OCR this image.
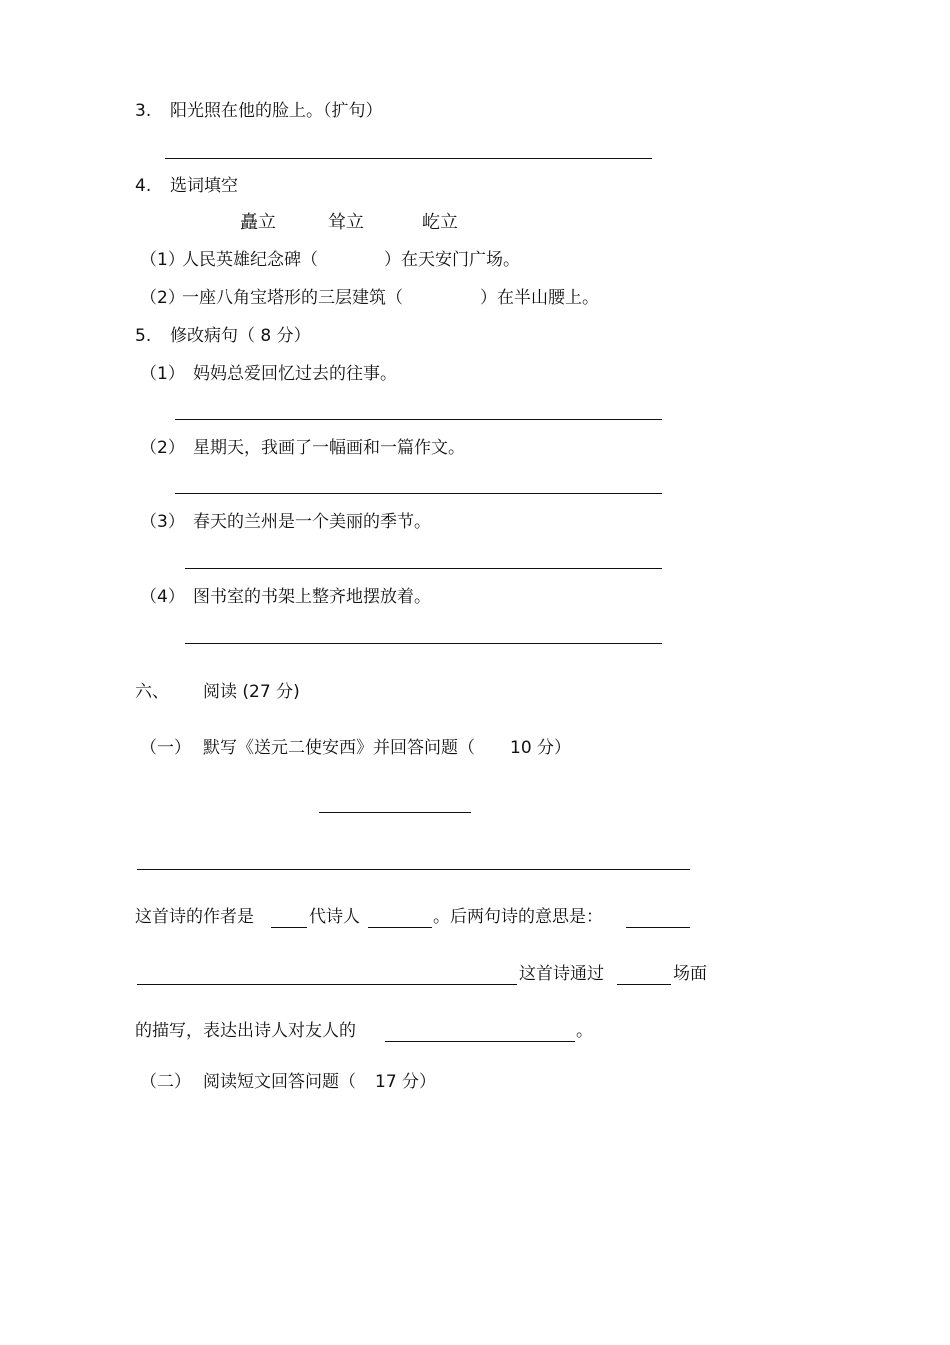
3. 阳光照在他的脸上。（扩句）
4. 选词填空
矗立	耸立	屹立
（1）
人民英雄纪念碑（	）在天安门广场。
（2）
一座八角宝塔形的三层建筑（	）在半山腰上。
5. 修改病句（ 8 分）
（1） 妈妈总爱回忆过去的往事。
（2） 星期天，我画了一幅画和一篇作文。
（3） 春天的兰州是一个美丽的季节。
（4） 图书室的书架上整齐地摆放着。
六、 阅读 (27 分)
（一） 默写《送元二使安西》并回答问题（ 10 分）
这首诗的作者是	代诗人	。后两句诗的意思是：
这首诗通过	场面
的描写，表达出诗人对友人的	。
（二） 阅读短文回答问题（ 17 分）
